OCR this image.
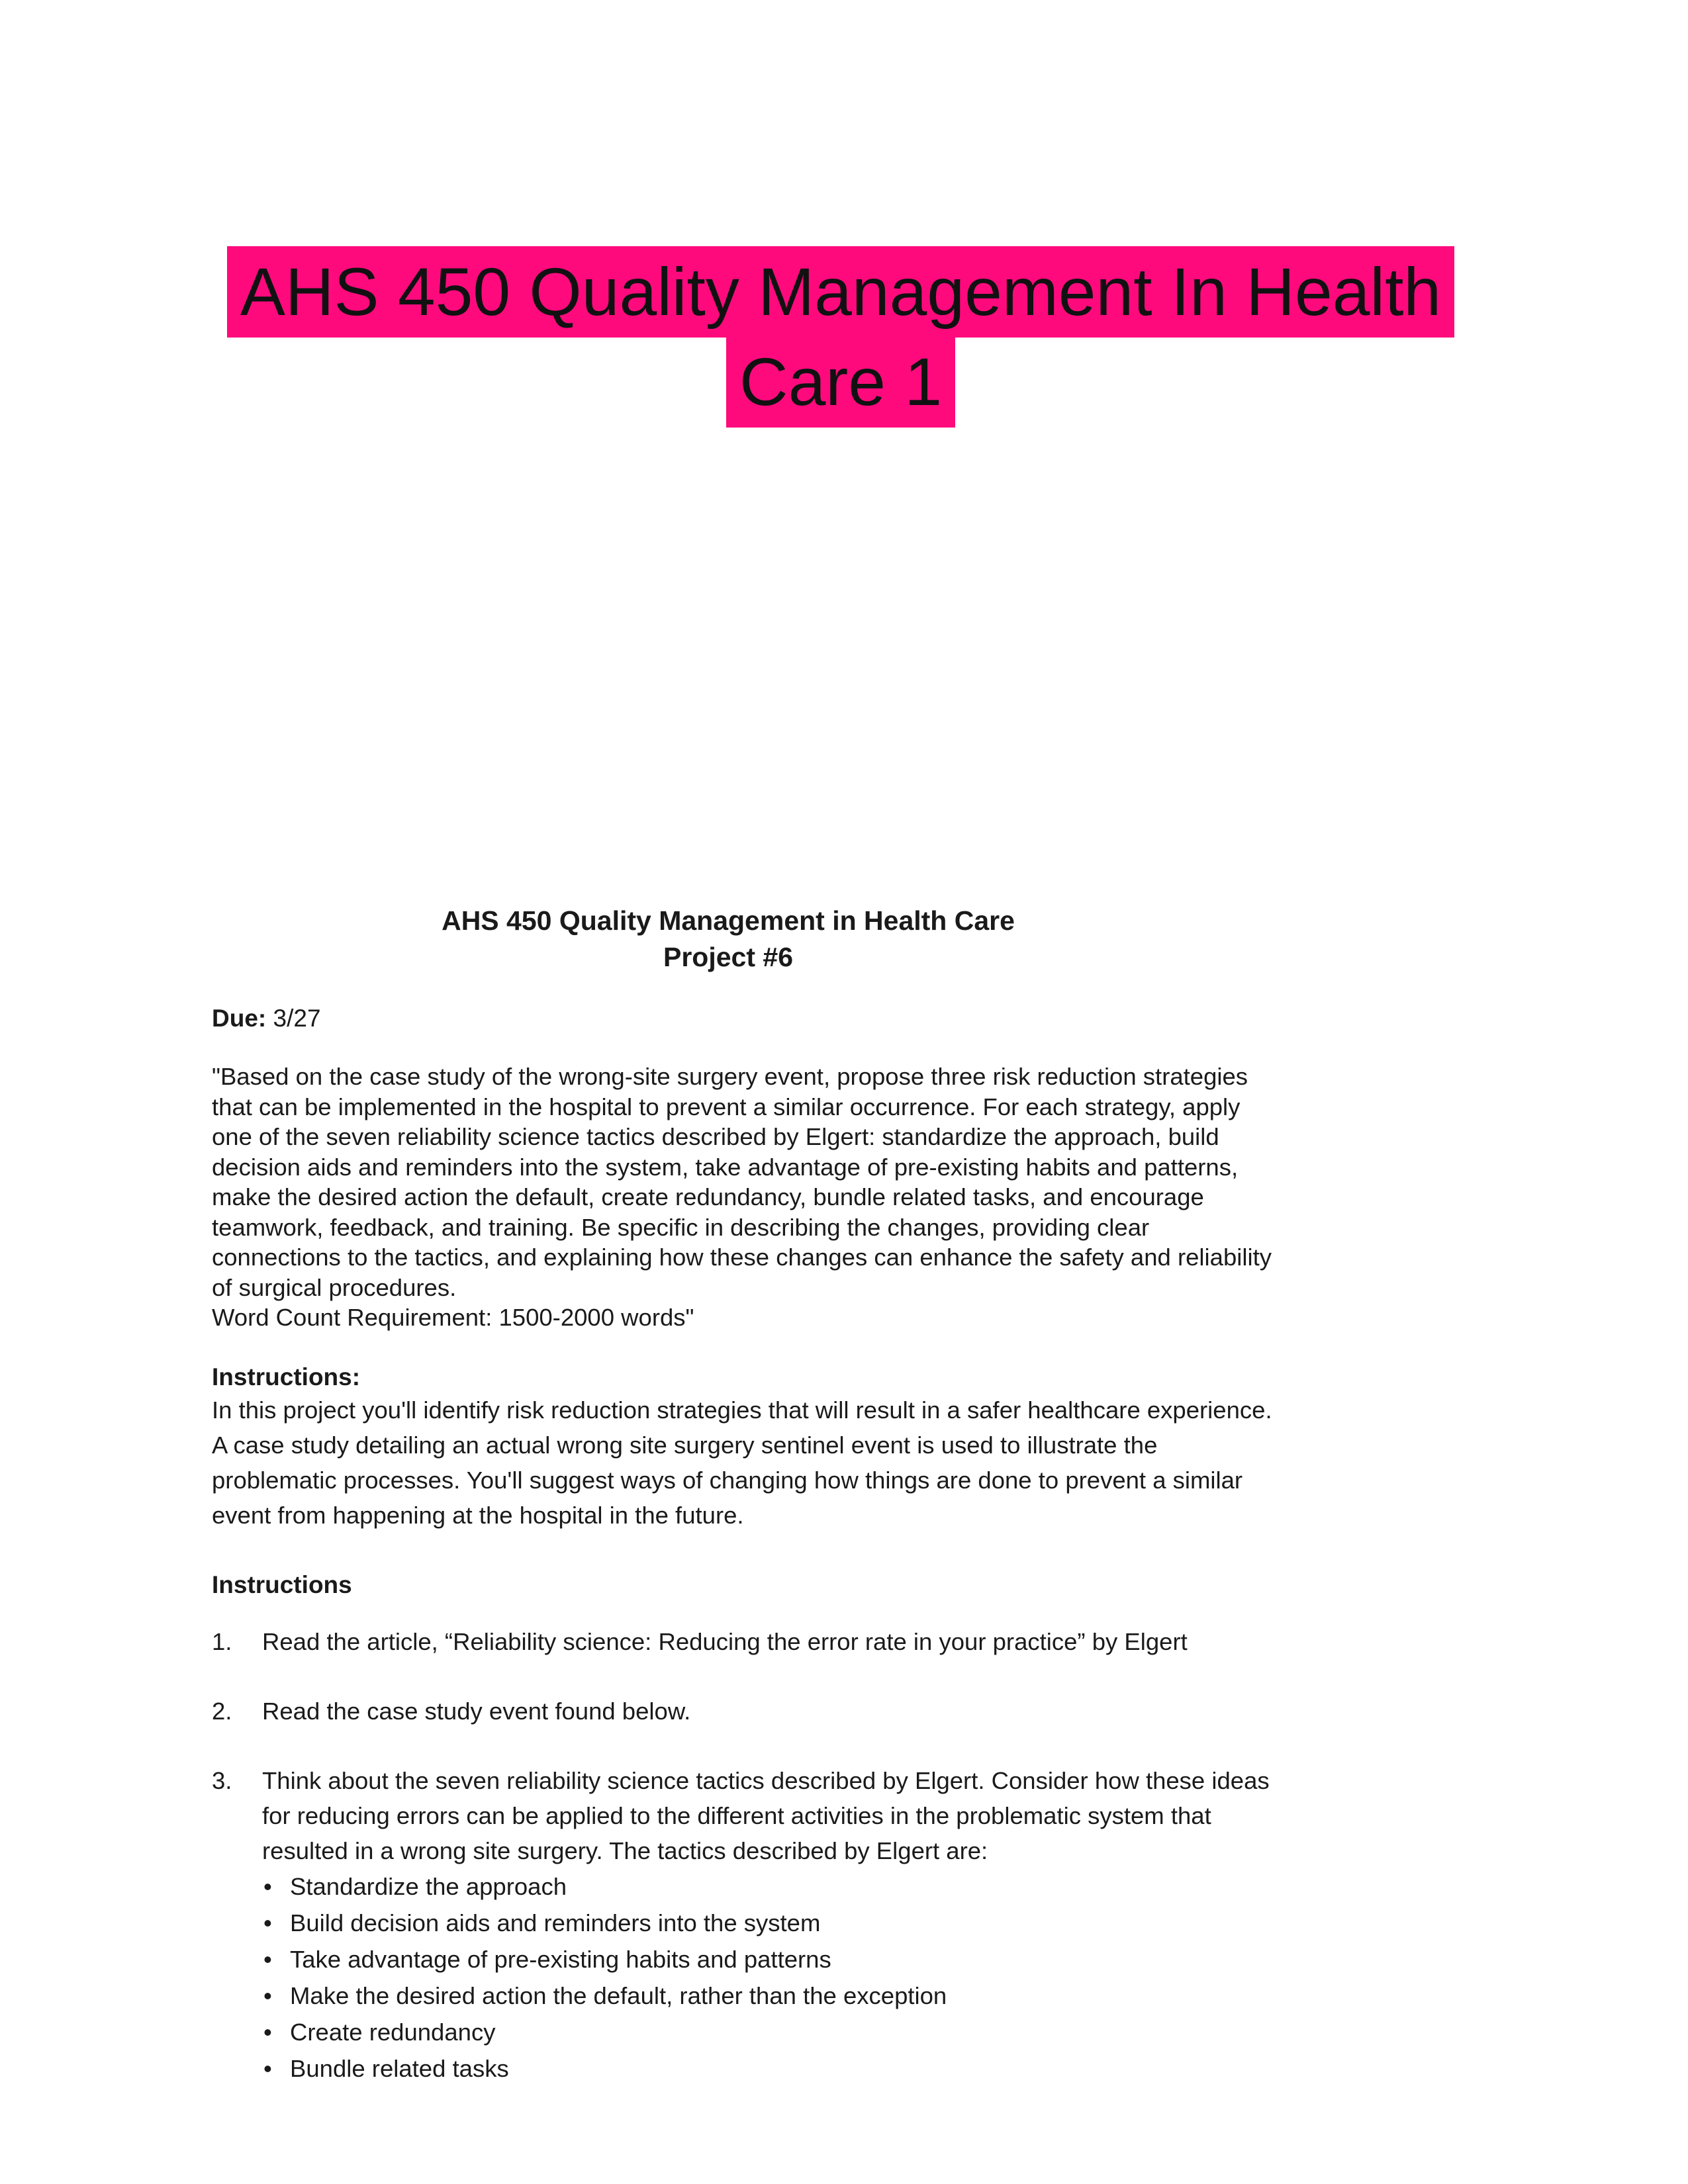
AHS 450 Quality Management In Health
Care 1
AHS 450 Quality Management in Health Care
Project #6
Due: 3/27

"Based on the case study of the wrong-site surgery event, propose three risk reduction strategies that can be implemented in the hospital to prevent a similar occurrence. For each strategy, apply one of the seven reliability science tactics described by Elgert: standardize the approach, build decision aids and reminders into the system, take advantage of pre-existing habits and patterns, make the desired action the default, create redundancy, bundle related tasks, and encourage teamwork, feedback, and training. Be specific in describing the changes, providing clear connections to the tactics, and explaining how these changes can enhance the safety and reliability of surgical procedures.

Word Count Requirement: 1500-2000 words"

Instructions:

In this project you'll identify risk reduction strategies that will result in a safer healthcare experience. A case study detailing an actual wrong site surgery sentinel event is used to illustrate the problematic processes. You'll suggest ways of changing how things are done to prevent a similar event from happening at the hospital in the future.

Instructions

1. Read the article, “Reliability science: Reducing the error rate in your practice” by Elgert
2. Read the case study event found below.
3. Think about the seven reliability science tactics described by Elgert. Consider how these ideas for reducing errors can be applied to the different activities in the problematic system that resulted in a wrong site surgery. The tactics described by Elgert are:
• Standardize the approach
• Build decision aids and reminders into the system
• Take advantage of pre-existing habits and patterns
• Make the desired action the default, rather than the exception
• Create redundancy
• Bundle related tasks
